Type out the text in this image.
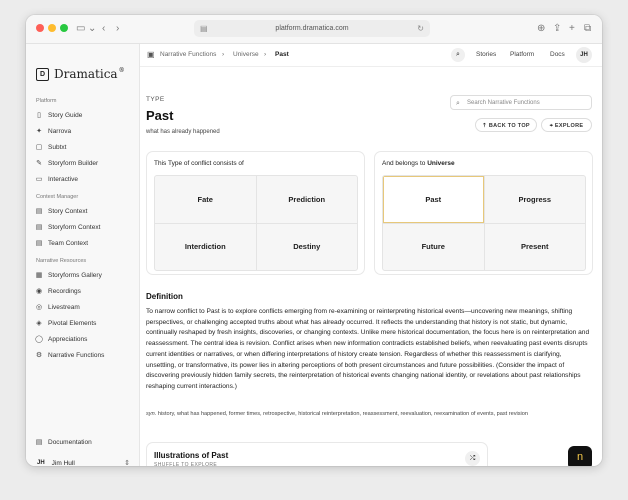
▭ ⌄ ‹ ›	▤	platform.dramatica.com	↻	⊕ ⇪ + ⧉
D Dramatica®
Platform
▯	Story Guide
✦ Narrova
▢ Subtxt
✎ Storyform Builder
▭ Interactive
Context Manager
▤ Story Context
▤ Storyform Context
▤ Team Context
Narrative Resources
▦ Storyforms Gallery
◉ Recordings
◎ Livestream
◈ Pivotal Elements
◯ Appreciations
⚙ Narrative Functions
▤ Documentation
JH Jim Hull	⇕
▣ Narrative Functions › Universe › Past	⌕	Stories Platform Docs	JH
TYPE
Past
what has already happened
⌕ Search Narrative Functions
⇡ BACK TO TOP	⌖ EXPLORE
This Type of conflict consists of
Fate	Prediction
Interdiction	Destiny
And belongs to Universe
Past	Progress
Future	Present
Definition
To narrow conflict to Past is to explore conflicts emerging from re-examining or reinterpreting historical events—uncovering new meanings, shifting perspectives, or challenging accepted truths about what has already occurred. It reflects the understanding that history is not static, but dynamic, continually reshaped by fresh insights, discoveries, or changing contexts. Unlike mere historical documentation, the focus here is on reinterpretation and reassessment. The central idea is revision. Conflict arises when new information contradicts established beliefs, when reevaluating past events disrupts current identities or narratives, or when differing interpretations of history create tension. Regardless of whether this reassessment is clarifying, unsettling, or transformative, its power lies in altering perceptions of both present circumstances and future possibilities. (Consider the impact of discovering previously hidden family secrets, the reinterpretation of historical events changing national identity, or revelations about past relationships reshaping current interactions.)
syn. history, what has happened, former times, retrospective, historical reinterpretation, reassessment, reevaluation, reexamination of events, past revision
Illustrations of Past
SHUFFLE TO EXPLORE
⤮	n
